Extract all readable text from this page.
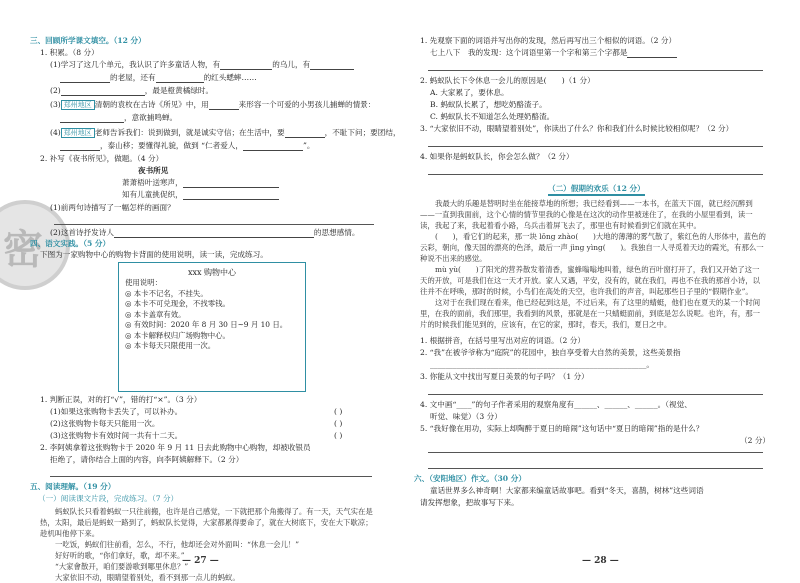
密
三、回顾所学课文填空。（12 分）
1. 积累。（8 分）
(1)学习了这几个单元，我认识了许多童话人物，有	的乌儿，有
的老屋，还有	的红头蟋蟀……
(2)	，最是橙黄橘绿时。
(3) 郑州地区 清朝的袁枚在古诗《所见》中，用	来形容一个可爱的小男孩儿捕蝉的情景：
，意欲捕鸣蝉。
(4) 郑州地区 老师告诉我们：说到做到，就是诚实守信；在生活中，要	，不耻下问；要团结，
，泰山移；要懂得礼貌，做到 “仁者爱人，	”。
2. 补写《夜书所见》，做题。（4 分）
夜书所见
萧萧梧叶送寒声，
知有儿童挑促织，
(1)前两句诗描写了一幅怎样的画面？
(2)这首诗抒发诗人	的思想感情。
四、语文实践。（5 分）
下图为一家购物中心的购物卡背面的使用说明，读一读，完成练习。
xxx 购物中心
使用说明：
◎ 本卡不记名，不挂失。
◎ 本卡不可兑现金，不找零钱。
◎ 本卡盖章有效。
◎ 有效时间：2020 年 8 月 30 日~9 月 10 日。
◎ 本卡解释权归广场购物中心。
◎ 本卡每天只限使用一次。
1. 判断正误，对的打“√”，错的打“×”。（3 分）
(1)如果这张购物卡丢失了，可以补办。	( )
(2)这张购物卡每天只能用一次。	( )
(3)这张购物卡有效时间一共有十二天。	( )
2. 李阿姨拿着这张购物卡于 2020 年 9 月 11 日去此购物中心购物，却被收银员
拒绝了，请你结合上面的内容，向李阿姨解释下。（2 分）
五、阅读理解。（19 分）
（一）阅读课文片段，完成练习。（7 分）

蚂蚁队长只看着蚂蚁一只往前搬，也许是自己感觉，一下就把那个角搬得了。有一天，天气实在是热，太阳，最后是蚂蚁一路到了，蚂蚁队长觉得，大家都累得要命了，就在大树底下，安在大下歇凉；趁机叫他停下来。

一吃饭，蚂蚁们往前看，怎么，不行，他却还会对外面叫：“休息一会儿！”

好好听的歌，“你们拿好，歌，却不来。”

“大家會散开，咱们要游歌到哪里休息？”

大家依旧不动，眼睛望着别处，看不到那一点儿的蚂蚁。

— 27 —
1. 先观察下面的词语并写出你的发现，然后再写出三个相似的词语。（2 分）
七上八下　我的发现：这个词语里第一个字和第三个字都是
2. 蚂蚁队长下令休息一会儿的原因是(　　)（1 分）
A. 大家累了，要休息。
B. 蚂蚁队长累了，想吃奶酪渣子。
C. 蚂蚁队长不知道怎么处理奶酪渣。
3. “大家依旧不动，眼睛望着别处”，你读出了什么？你和我们什么时候比较相似呢？（2 分）
4. 如果你是蚂蚁队长，你会怎么做？（2 分）
（二）假期的欢乐（12 分）

我最大的乐趣是替明时坐在能接草地的所想；我已经看到——一本书，在蓝天下面，就已经沉醉到——一直到我面前，这个心情的情节里我的心像是在这次的动作里被迷住了，在我的小屋里看到，读一读，我起了来，我起着看小路，乌兵击着屏飞去了，那里也有时候看到它们就在其中。

(　　)，看它们的起来，那一块 lǒng zhào(　　)大地的薄薄的雾气散了，紫红色的人形体中，蓝色的云彩，朝向，像天国的漂亮的色泽，最后一声 jìng yìng(　　)。我独自一人寻觅着天边的霞光，有那么一种说不出来的感觉。

mù yù(　　)了阳光的营养散发着清香，蜜蜂嗡嗡地叫着，绿色的百叶窗打开了，我们又开始了这一天的开放，可是我们在这一天才开放。家人又遇，平安，没有的，就在我们，再也不在我的那首小诗，以往并不在呼唤，那时的时候，小鸟们在高处的天空，也许我们的声音，叫起那些日子里的“假期作业”。

这对于在我们现在看来，他已经起到这是，不过后来，有了这里的蜻蜓，他们也在夏天的某一个时间里，在我的面前，我们那里，我看到的风景，那就是在一只蜻蜓面前，到底是怎么说呢。也许，有，那一片的时候我们能见到的，应该有，在它的家，那时，春天，我们，夏日之中。

1. 根据拼音，在括号里写出对应的词语。（2 分）
2. “我”在被爷爷称为“庭院”的花园中，独自享受着大自然的美景，这些美景指
_________________________________________________________。
3. 你能从文中找出写夏日美景的句子吗？（1 分）
4. 文中画“____”的句子作者采用的观察角度有______、______、______。（视觉、
听觉、味觉）（3 分）
5. “我好像在用功，实际上却陶醉于夏日的暗闹”这句话中“夏日的暗闹”指的是什么？
（2 分）
六、（安阳地区）作文。（30 分）
童话世界多么神奇啊！大家都来编童话故事吧。看到“冬天，喜鹊，树林”这些词语
请发挥想象，把故事写下来。
— 28 —
